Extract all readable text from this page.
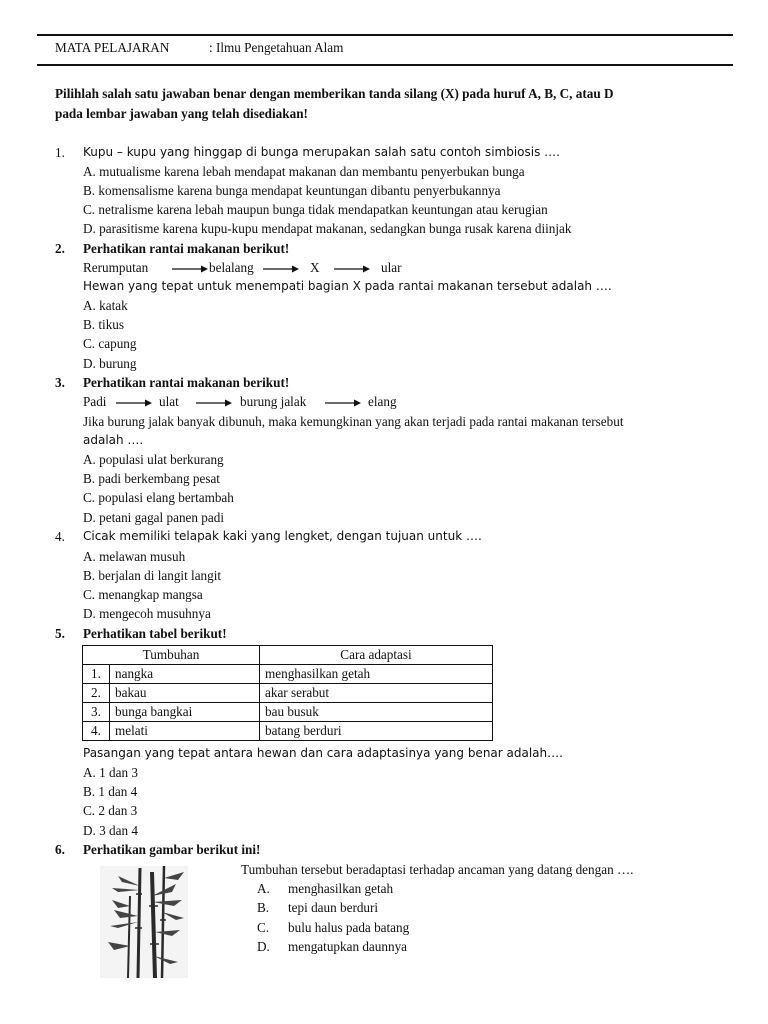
MATA PELAJARAN	: Ilmu Pengetahuan Alam
Pilihlah salah satu jawaban benar dengan memberikan tanda silang (X) pada huruf A, B, C, atau D
pada lembar jawaban yang telah disediakan!
1. Kupu – kupu yang hinggap di bunga merupakan salah satu contoh simbiosis ….
A. mutualisme karena lebah mendapat makanan dan membantu penyerbukan bunga
B. komensalisme karena bunga mendapat keuntungan dibantu penyerbukannya
C. netralisme karena lebah maupun bunga tidak mendapatkan keuntungan atau kerugian
D. parasitisme karena kupu-kupu mendapat makanan, sedangkan bunga rusak karena diinjak
2. Perhatikan rantai makanan berikut!
Rerumputan	belalang	X	ular
Hewan yang tepat untuk menempati bagian X pada rantai makanan tersebut adalah ….
A. katak
B. tikus
C. capung
D. burung
3. Perhatikan rantai makanan berikut!
Padi	ulat	burung jalak	elang
Jika burung jalak banyak dibunuh, maka kemungkinan yang akan terjadi pada rantai makanan tersebut
adalah ….
A. populasi ulat berkurang
B. padi berkembang pesat
C. populasi elang bertambah
D. petani gagal panen padi
4. Cicak memiliki telapak kaki yang lengket, dengan tujuan untuk ….
A. melawan musuh
B. berjalan di langit langit
C. menangkap mangsa
D. mengecoh musuhnya
5. Perhatikan tabel berikut!
Tumbuhan		Cara adaptasi
1.	nangka	menghasilkan getah
2.	bakau	akar serabut
3.	bunga bangkai	bau busuk
4.	melati	batang berduri
Pasangan yang tepat antara hewan dan cara adaptasinya yang benar adalah….
A. 1 dan 3
B. 1 dan 4
C. 2 dan 3
D. 3 dan 4
6. Perhatikan gambar berikut ini!
Tumbuhan tersebut beradaptasi terhadap ancaman yang datang dengan ….
A. menghasilkan getah
B. tepi daun berduri
C. bulu halus pada batang
D. mengatupkan daunnya
